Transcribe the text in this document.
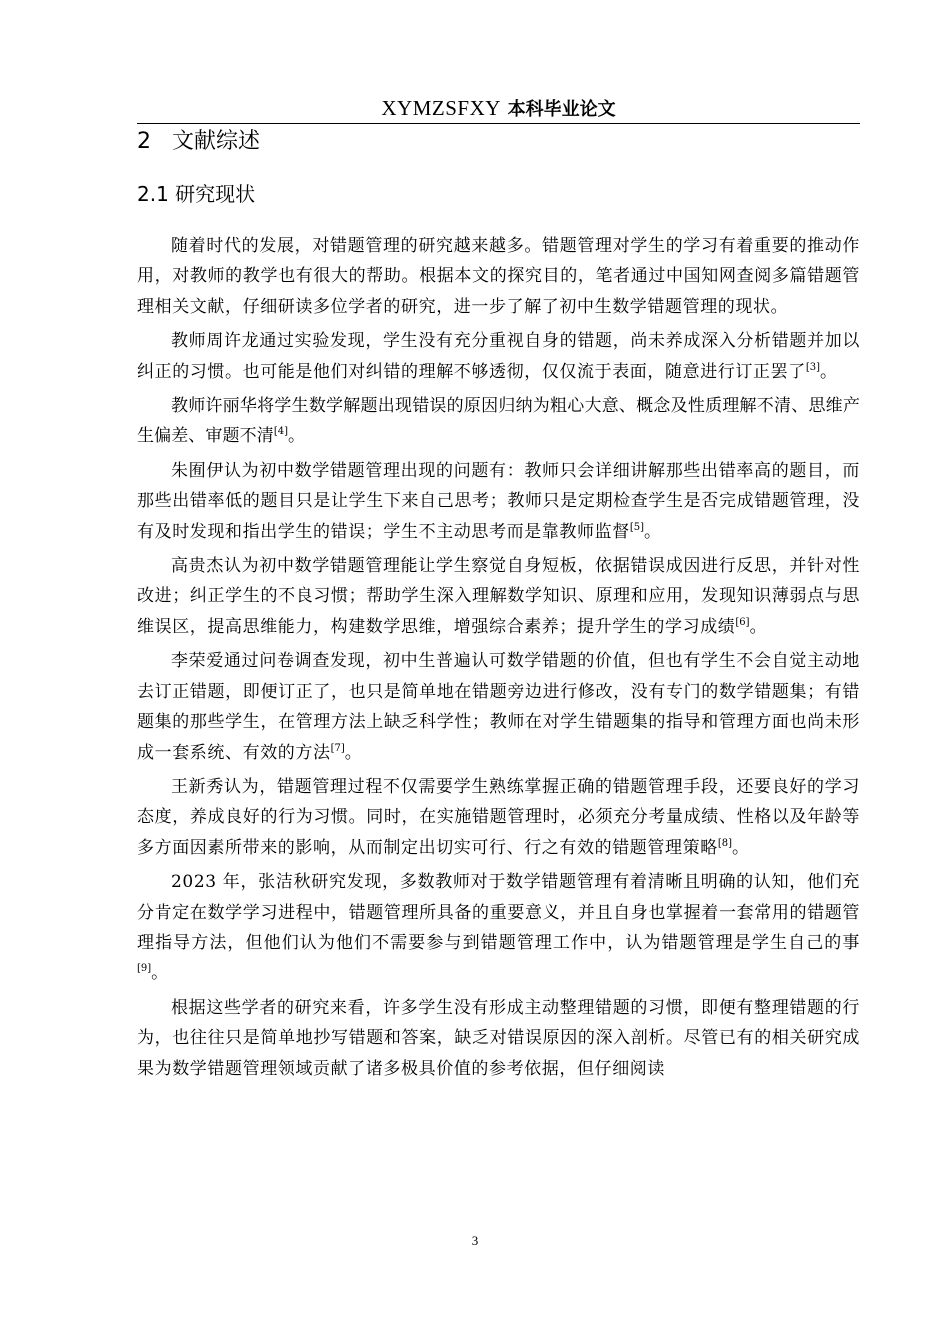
XYMZSFXY 本科毕业论文
2 文献综述
2.1 研究现状

随着时代的发展，对错题管理的研究越来越多。错题管理对学生的学习有着重要的推动作用，对教师的教学也有很大的帮助。根据本文的探究目的，笔者通过中国知网查阅多篇错题管理相关文献，仔细研读多位学者的研究，进一步了解了初中生数学错题管理的现状。

教师周许龙通过实验发现，学生没有充分重视自身的错题，尚未养成深入分析错题并加以纠正的习惯。也可能是他们对纠错的理解不够透彻，仅仅流于表面，随意进行订正罢了[3]。

教师许丽华将学生数学解题出现错误的原因归纳为粗心大意、概念及性质理解不清、思维产生偏差、审题不清[4]。

朱囿伊认为初中数学错题管理出现的问题有：教师只会详细讲解那些出错率高的题目，而那些出错率低的题目只是让学生下来自己思考；教师只是定期检查学生是否完成错题管理，没有及时发现和指出学生的错误；学生不主动思考而是靠教师监督[5]。

高贵杰认为初中数学错题管理能让学生察觉自身短板，依据错误成因进行反思，并针对性改进；纠正学生的不良习惯；帮助学生深入理解数学知识、原理和应用，发现知识薄弱点与思维误区，提高思维能力，构建数学思维，增强综合素养；提升学生的学习成绩[6]。

李荣爱通过问卷调查发现，初中生普遍认可数学错题的价值，但也有学生不会自觉主动地去订正错题，即便订正了，也只是简单地在错题旁边进行修改，没有专门的数学错题集；有错题集的那些学生，在管理方法上缺乏科学性；教师在对学生错题集的指导和管理方面也尚未形成一套系统、有效的方法[7]。

王新秀认为，错题管理过程不仅需要学生熟练掌握正确的错题管理手段，还要良好的学习态度，养成良好的行为习惯。同时，在实施错题管理时，必须充分考量成绩、性格以及年龄等多方面因素所带来的影响，从而制定出切实可行、行之有效的错题管理策略[8]。

2023 年，张洁秋研究发现，多数教师对于数学错题管理有着清晰且明确的认知，他们充分肯定在数学学习进程中，错题管理所具备的重要意义，并且自身也掌握着一套常用的错题管理指导方法，但他们认为他们不需要参与到错题管理工作中，认为错题管理是学生自己的事[9]。

根据这些学者的研究来看，许多学生没有形成主动整理错题的习惯，即便有整理错题的行为，也往往只是简单地抄写错题和答案，缺乏对错误原因的深入剖析。尽管已有的相关研究成果为数学错题管理领域贡献了诸多极具价值的参考依据，但仔细阅读

3
